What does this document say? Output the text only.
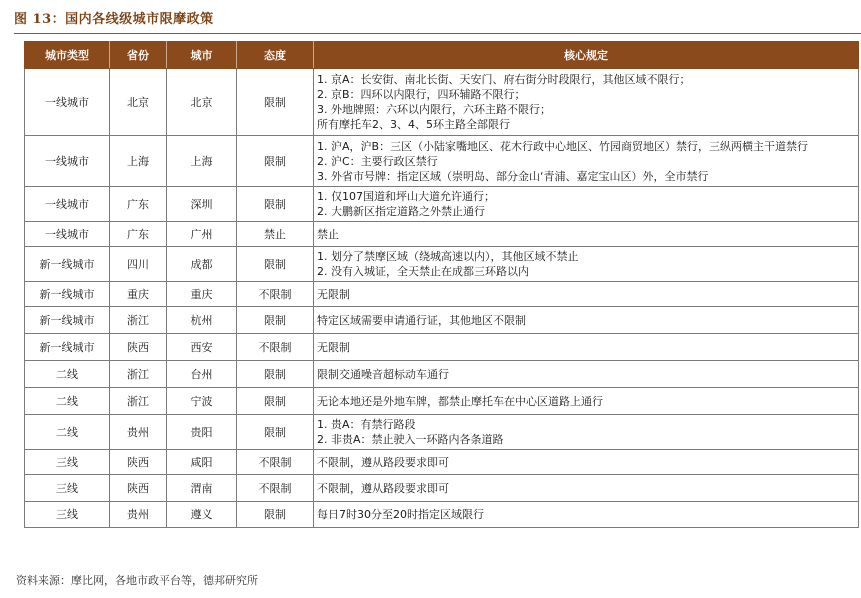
图 13：国内各线级城市限摩政策
城市类型	省份	城市	态度	核心规定
一线城市	北京	北京	限制	1. 京A：长安街、南北长街、天安门、府右街分时段限行，其他区域不限行；
2. 京B：四环以内限行，四环辅路不限行；
3. 外地牌照：六环以内限行，六环主路不限行；
所有摩托车2、3、4、5环主路全部限行

一线城市	上海	上海	限制	1. 沪A，沪B：三区（小陆家嘴地区、花木行政中心地区、竹园商贸地区）禁行，三纵两横主干道禁行
2. 沪C：主要行政区禁行
3. 外省市号牌：指定区域（崇明岛、部分金山‘青浦、嘉定宝山区）外，全市禁行

一线城市	广东	深圳	限制	1. 仅107国道和坪山大道允许通行；
2. 大鹏新区指定道路之外禁止通行

一线城市	广东	广州	禁止	禁止

新一线城市	四川	成都	限制	1. 划分了禁摩区域（绕城高速以内），其他区域不禁止
2. 没有入城证，全天禁止在成都三环路以内

新一线城市	重庆	重庆	不限制	无限制

新一线城市	浙江	杭州	限制	特定区域需要申请通行证，其他地区不限制

新一线城市	陕西	西安	不限制	无限制

二线	浙江	台州	限制	限制交通噪音超标动车通行

二线	浙江	宁波	限制	无论本地还是外地车牌，都禁止摩托车在中心区道路上通行

二线	贵州	贵阳	限制	1. 贵A：有禁行路段
2. 非贵A：禁止驶入一环路内各条道路

三线	陕西	咸阳	不限制	不限制，遵从路段要求即可

三线	陕西	渭南	不限制	不限制，遵从路段要求即可

三线	贵州	遵义	限制	每日7时30分至20时指定区域限行
资料来源：摩比网，各地市政平台等，德邦研究所
